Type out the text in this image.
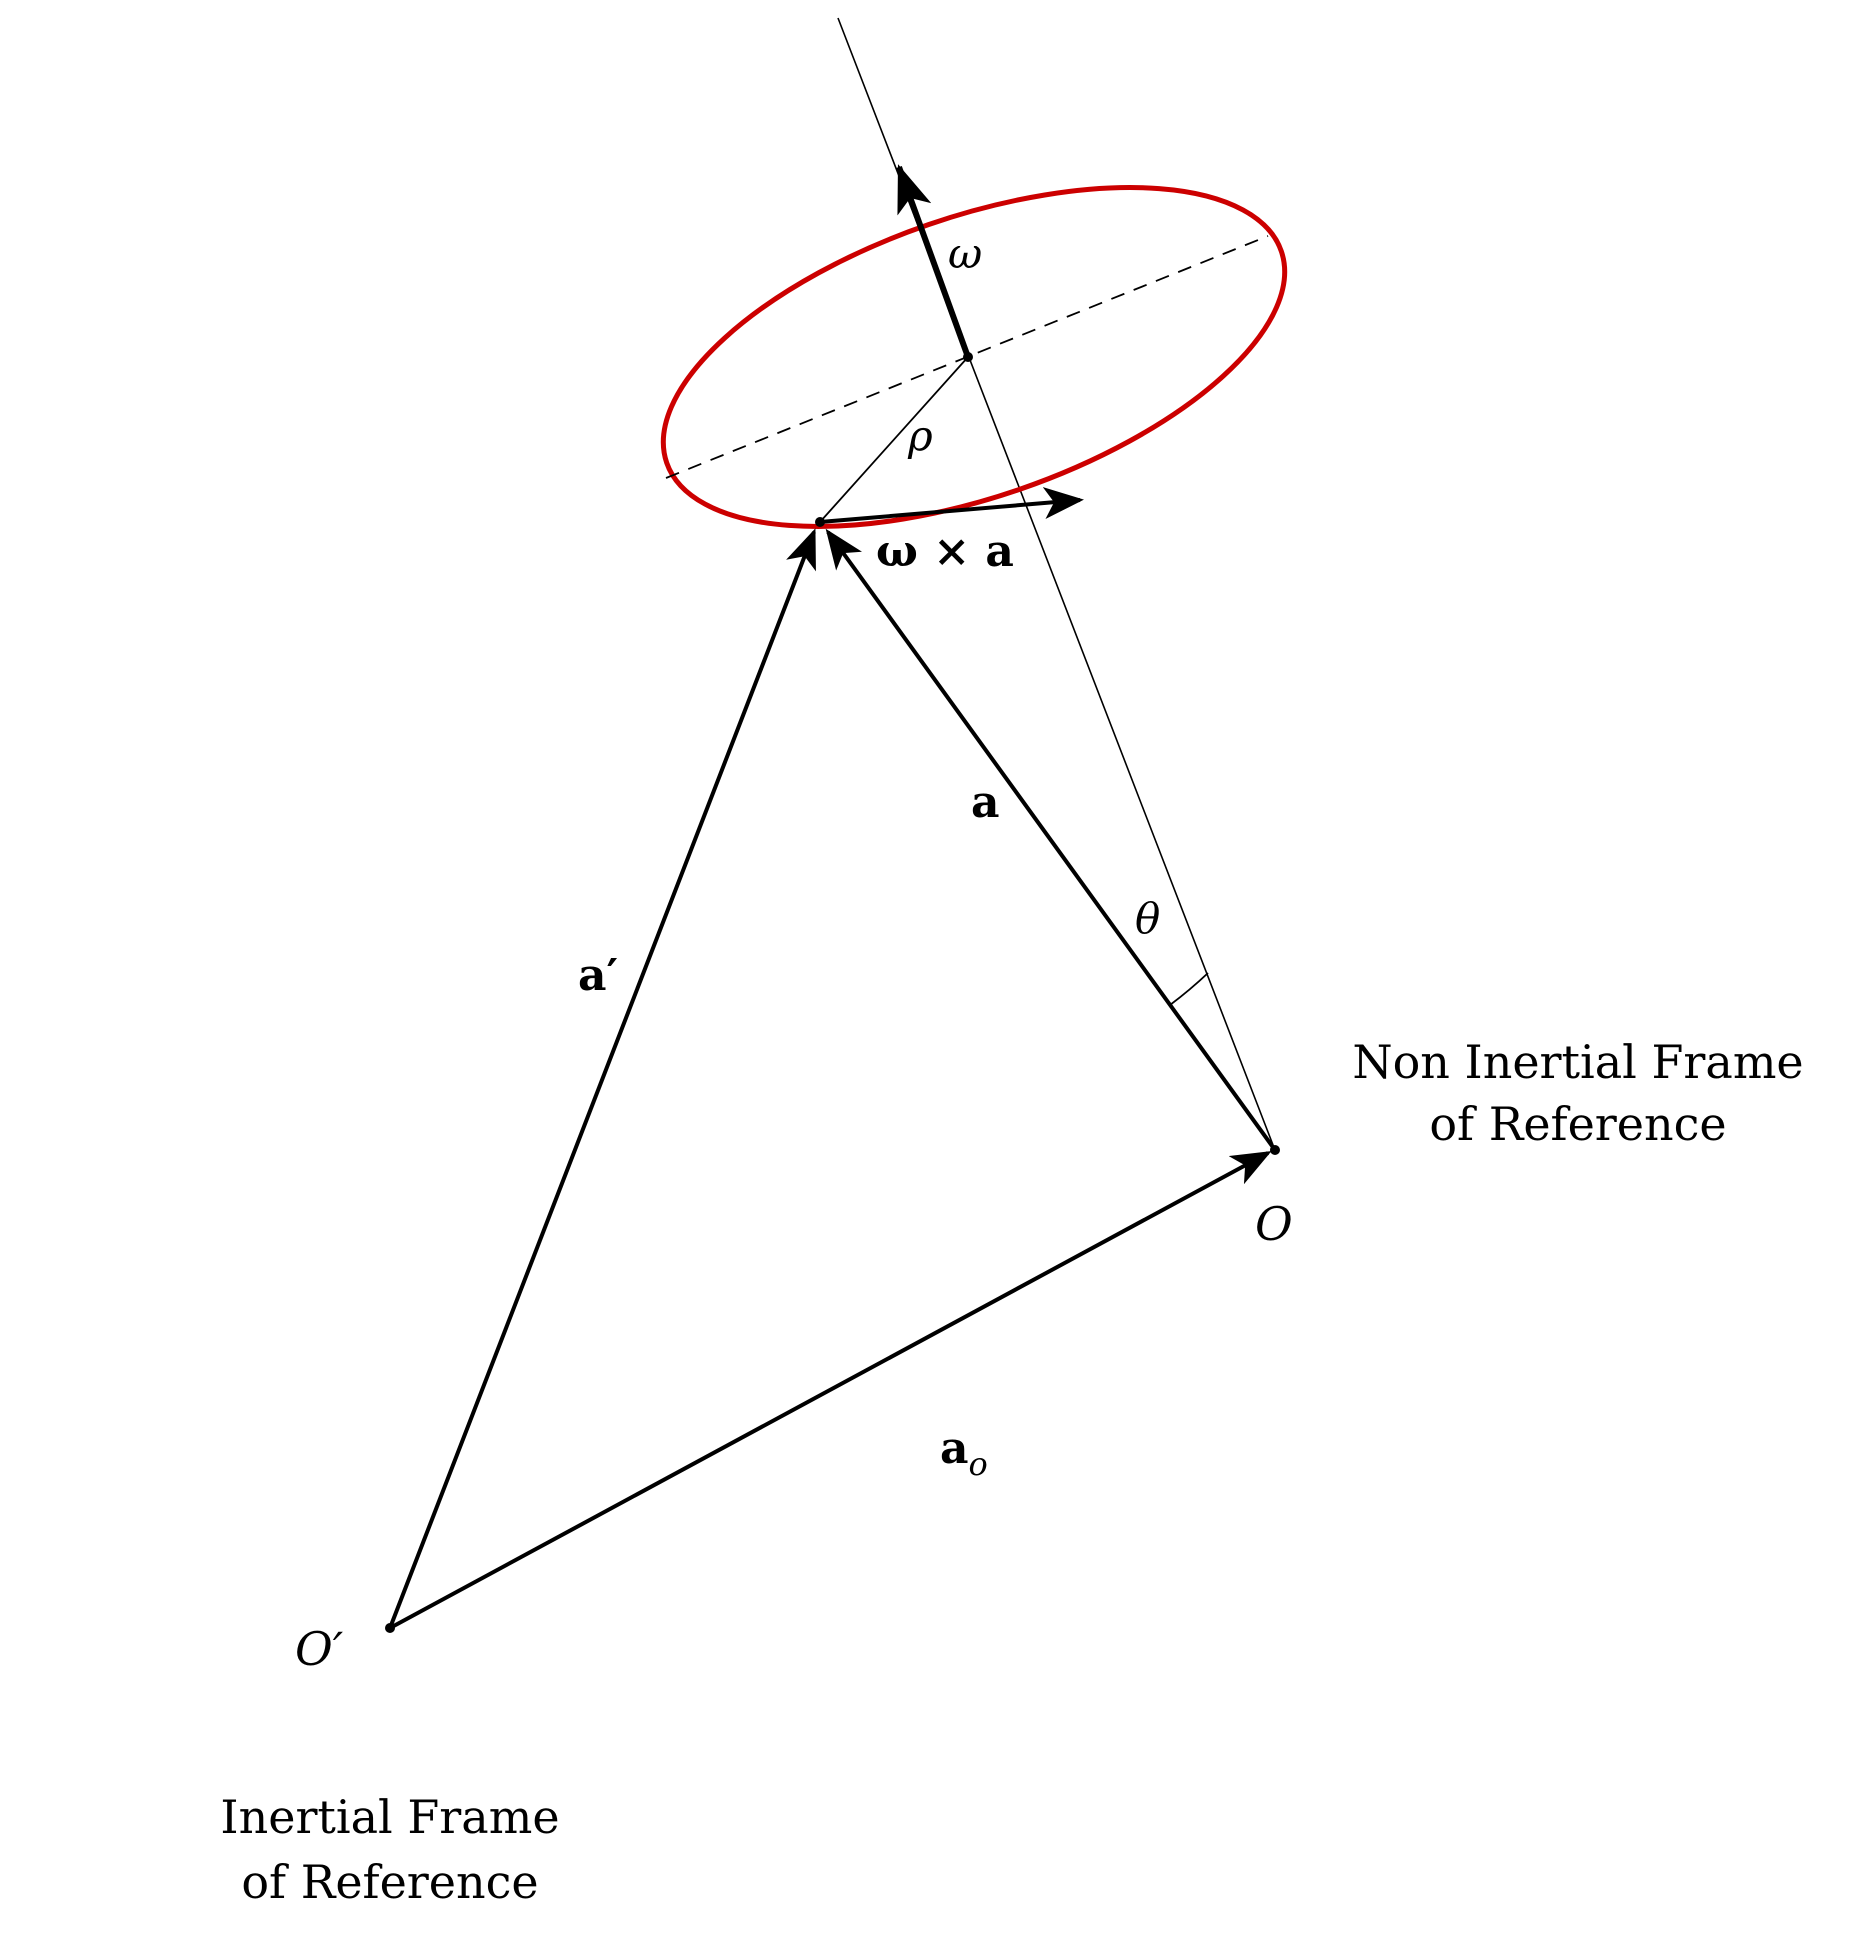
ω
ρ
ω × a
a
θ
a′
$a_o$
O
O′
Non Inertial Frame
of Reference
Inertial Frame
of Reference
